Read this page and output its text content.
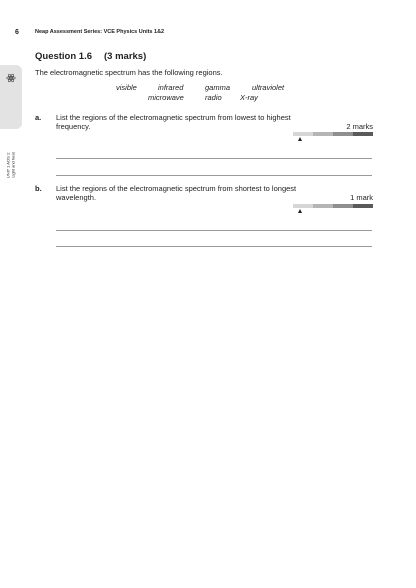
6	Neap Assessment Series: VCE Physics Units 1&2
UNIT 1 AOS 1: Light and heat
Question 1.6 (3 marks)
The electromagnetic spectrum has the following regions.
visible	infrared	gamma	ultraviolet
microwave	radio X-ray
a. List the regions of the electromagnetic spectrum from lowest to highest frequency.	2 marks
b. List the regions of the electromagnetic spectrum from shortest to longest wavelength.	1 mark
